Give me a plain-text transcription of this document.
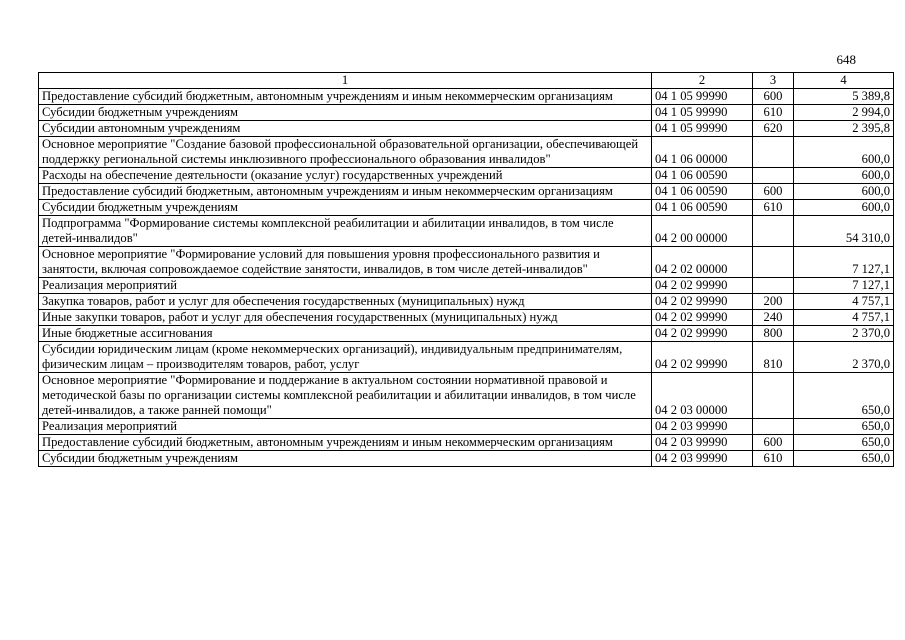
648
1	2	3	4
Предоставление субсидий бюджетным, автономным учреждениям и иным некоммерческим организациям	04 1 05 99990	600	5 389,8
Субсидии бюджетным учреждениям	04 1 05 99990	610	2 994,0
Субсидии автономным учреждениям	04 1 05 99990	620	2 395,8
Основное мероприятие "Создание базовой профессиональной образовательной организации, обеспечивающей поддержку региональной системы инклюзивного профессионального образования инвалидов"	04 1 06 00000		600,0
Расходы на обеспечение деятельности (оказание услуг) государственных учреждений	04 1 06 00590		600,0
Предоставление субсидий бюджетным, автономным учреждениям и иным некоммерческим организациям	04 1 06 00590	600	600,0
Субсидии бюджетным учреждениям	04 1 06 00590	610	600,0
Подпрограмма "Формирование системы комплексной реабилитации и абилитации инвалидов, в том числе детей-инвалидов"	04 2 00 00000		54 310,0
Основное мероприятие "Формирование условий для повышения уровня профессионального развития и занятости, включая сопровождаемое содействие занятости, инвалидов, в том числе детей-инвалидов"	04 2 02 00000		7 127,1
Реализация мероприятий	04 2 02 99990		7 127,1
Закупка товаров, работ и услуг для обеспечения государственных (муниципальных) нужд	04 2 02 99990	200	4 757,1
Иные закупки товаров, работ и услуг для обеспечения государственных (муниципальных) нужд	04 2 02 99990	240	4 757,1
Иные бюджетные ассигнования	04 2 02 99990	800	2 370,0
Субсидии юридическим лицам (кроме некоммерческих организаций), индивидуальным предпринимателям, физическим лицам – производителям товаров, работ, услуг	04 2 02 99990	810	2 370,0
Основное мероприятие "Формирование и поддержание в актуальном состоянии нормативной правовой и методической базы по организации системы комплексной реабилитации и абилитации инвалидов, в том числе детей-инвалидов, а также ранней помощи"	04 2 03 00000		650,0
Реализация мероприятий	04 2 03 99990		650,0
Предоставление субсидий бюджетным, автономным учреждениям и иным некоммерческим организациям	04 2 03 99990	600	650,0
Субсидии бюджетным учреждениям	04 2 03 99990	610	650,0
